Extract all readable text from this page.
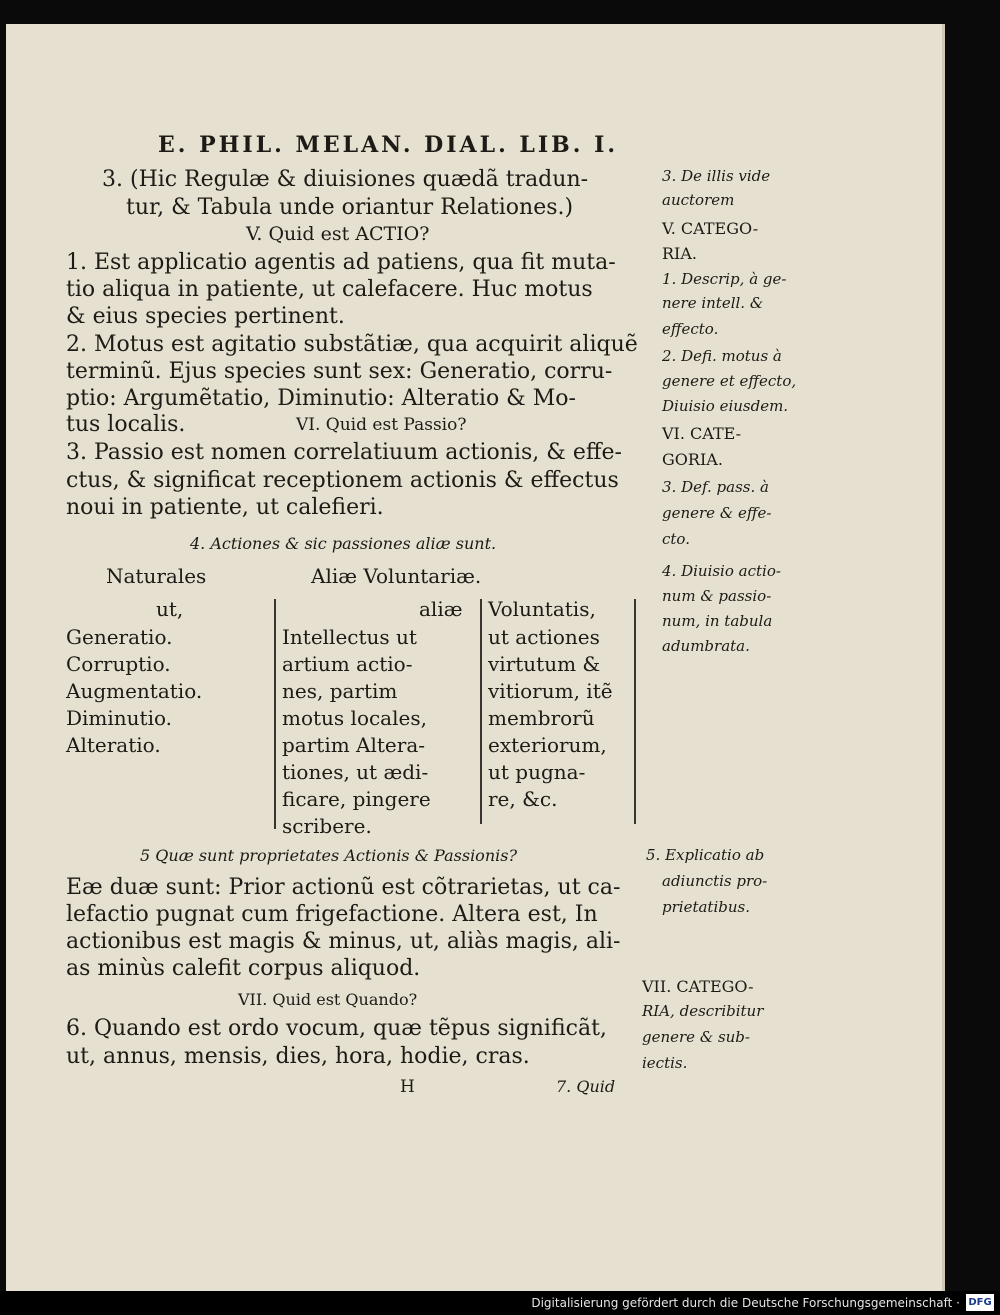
E. PHIL. MELAN. DIAL. LIB. I.
3. (Hic Regulæ & diuisiones quædã tradun-
tur, & Tabula unde oriantur Relationes.)
V. Quid est ACTIO?
1. Est applicatio agentis ad patiens, qua fit muta-
tio aliqua in patiente, ut calefacere. Huc motus
& eius species pertinent.
2. Motus est agitatio substãtiæ, qua acquirit aliquẽ
terminũ. Ejus species sunt sex: Generatio, corru-
ptio: Argumẽtatio, Diminutio: Alteratio & Mo-
tus localis.	VI. Quid est Passio?
3. Passio est nomen correlatiuum actionis, & effe-
ctus, & significat receptionem actionis & effectus
noui in patiente, ut calefieri.
4. Actiones & sic passiones aliæ sunt.
Naturales
ut,
Generatio.
Corruptio.
Augmentatio.
Diminutio.
Alteratio.
Aliæ Voluntariæ.
aliæ
Intellectus ut
artium actio-
nes, partim
motus locales,
partim Altera-
tiones, ut ædi-
ficare, pingere
scribere.
Voluntatis,
ut actiones
virtutum &
vitiorum, itẽ
membrorũ
exteriorum,
ut pugna-
re, &c.
5 Quæ sunt proprietates Actionis & Passionis?
Eæ duæ sunt: Prior actionũ est cõtrarietas, ut ca-
lefactio pugnat cum frigefactione. Altera est, In
actionibus est magis & minus, ut, aliàs magis, ali-
as minùs calefit corpus aliquod.
VII. Quid est Quando?
6. Quando est ordo vocum, quæ tẽpus significãt,
ut, annus, mensis, dies, hora, hodie, cras.
H	7. Quid
3. De illis vide
auctorem
V. CATEGO-
RIA.
1. Descrip, à ge-
nere intell. &
effecto.
2. Defi. motus à
genere et effecto,
Diuisio eiusdem.
VI. CATE-
GORIA.
3. Def. pass. à
genere & effe-
cto.
4. Diuisio actio-
num & passio-
num, in tabula
adumbrata.
5. Explicatio ab
adiunctis pro-
prietatibus.
VII. CATEGO-
RIA, describitur
genere & sub-
iectis.
Digitalisierung gefördert durch die Deutsche Forschungsgemeinschaft · DFG
